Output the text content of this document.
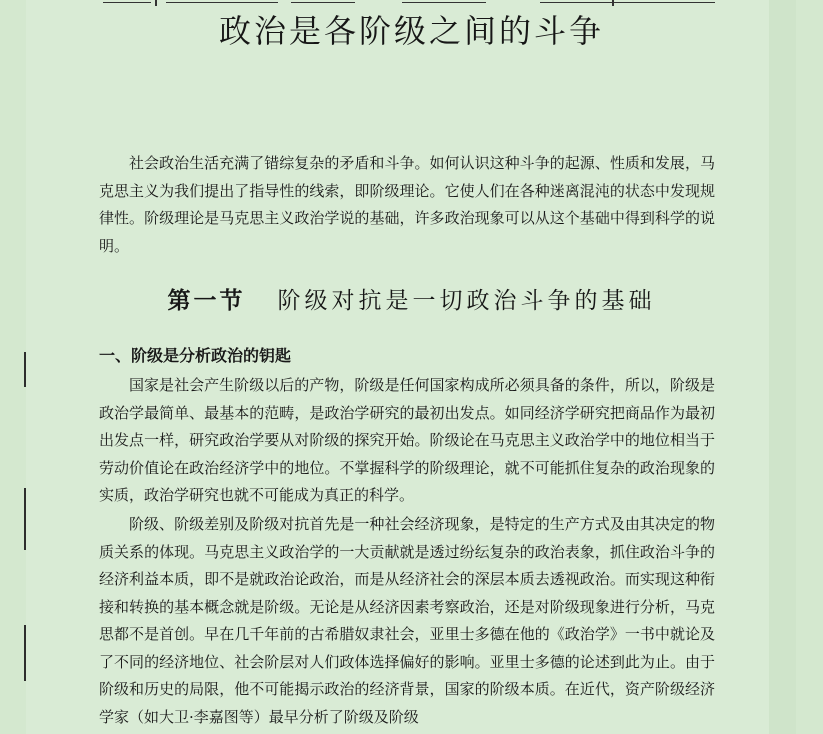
政治是各阶级之间的斗争

社会政治生活充满了错综复杂的矛盾和斗争。如何认识这种斗争的起源、性质和发展，马克思主义为我们提出了指导性的线索，即阶级理论。它使人们在各种迷离混沌的状态中发现规律性。阶级理论是马克思主义政治学说的基础，许多政治现象可以从这个基础中得到科学的说明。

第一节 阶级对抗是一切政治斗争的基础
一、阶级是分析政治的钥匙

国家是社会产生阶级以后的产物，阶级是任何国家构成所必须具备的条件，所以，阶级是政治学最简单、最基本的范畴，是政治学研究的最初出发点。如同经济学研究把商品作为最初出发点一样，研究政治学要从对阶级的探究开始。阶级论在马克思主义政治学中的地位相当于劳动价值论在政治经济学中的地位。不掌握科学的阶级理论，就不可能抓住复杂的政治现象的实质，政治学研究也就不可能成为真正的科学。

阶级、阶级差别及阶级对抗首先是一种社会经济现象，是特定的生产方式及由其决定的物质关系的体现。马克思主义政治学的一大贡献就是透过纷纭复杂的政治表象，抓住政治斗争的经济利益本质，即不是就政治论政治，而是从经济社会的深层本质去透视政治。而实现这种衔接和转换的基本概念就是阶级。无论是从经济因素考察政治，还是对阶级现象进行分析，马克思都不是首创。早在几千年前的古希腊奴隶社会，亚里士多德在他的《政治学》一书中就论及了不同的经济地位、社会阶层对人们政体选择偏好的影响。亚里士多德的论述到此为止。由于阶级和历史的局限，他不可能揭示政治的经济背景，国家的阶级本质。在近代，资产阶级经济学家（如大卫·李嘉图等）最早分析了阶级及阶级
